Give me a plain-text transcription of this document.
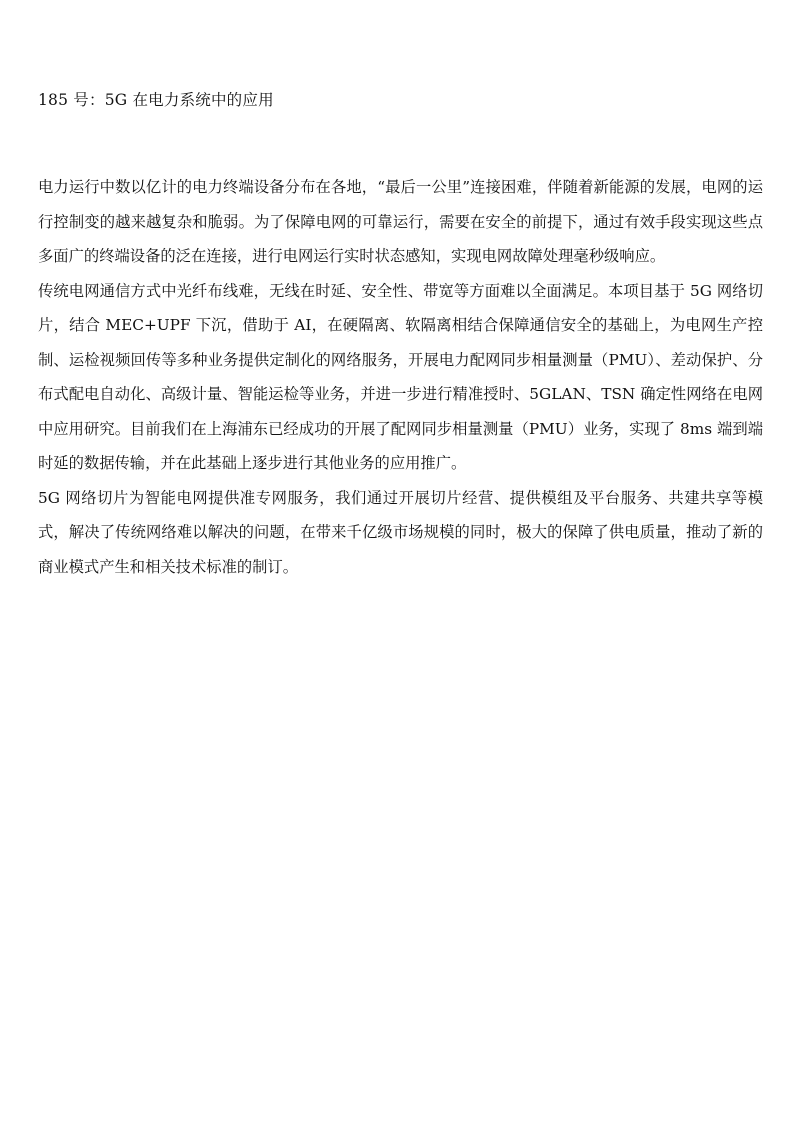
185 号：5G 在电力系统中的应用

电力运行中数以亿计的电力终端设备分布在各地，“最后一公里”连接困难，伴随着新能源的发展，电网的运行控制变的越来越复杂和脆弱。为了保障电网的可靠运行，需要在安全的前提下，通过有效手段实现这些点多面广的终端设备的泛在连接，进行电网运行实时状态感知，实现电网故障处理毫秒级响应。

传统电网通信方式中光纤布线难，无线在时延、安全性、带宽等方面难以全面满足。本项目基于 5G 网络切片，结合 MEC+UPF 下沉，借助于 AI，在硬隔离、软隔离相结合保障通信安全的基础上，为电网生产控制、运检视频回传等多种业务提供定制化的网络服务，开展电力配网同步相量测量（PMU）、差动保护、分布式配电自动化、高级计量、智能运检等业务，并进一步进行精准授时、5GLAN、TSN 确定性网络在电网中应用研究。目前我们在上海浦东已经成功的开展了配网同步相量测量（PMU）业务，实现了 8ms 端到端时延的数据传输，并在此基础上逐步进行其他业务的应用推广。

5G 网络切片为智能电网提供准专网服务，我们通过开展切片经营、提供模组及平台服务、共建共享等模式，解决了传统网络难以解决的问题，在带来千亿级市场规模的同时，极大的保障了供电质量，推动了新的商业模式产生和相关技术标准的制订。
